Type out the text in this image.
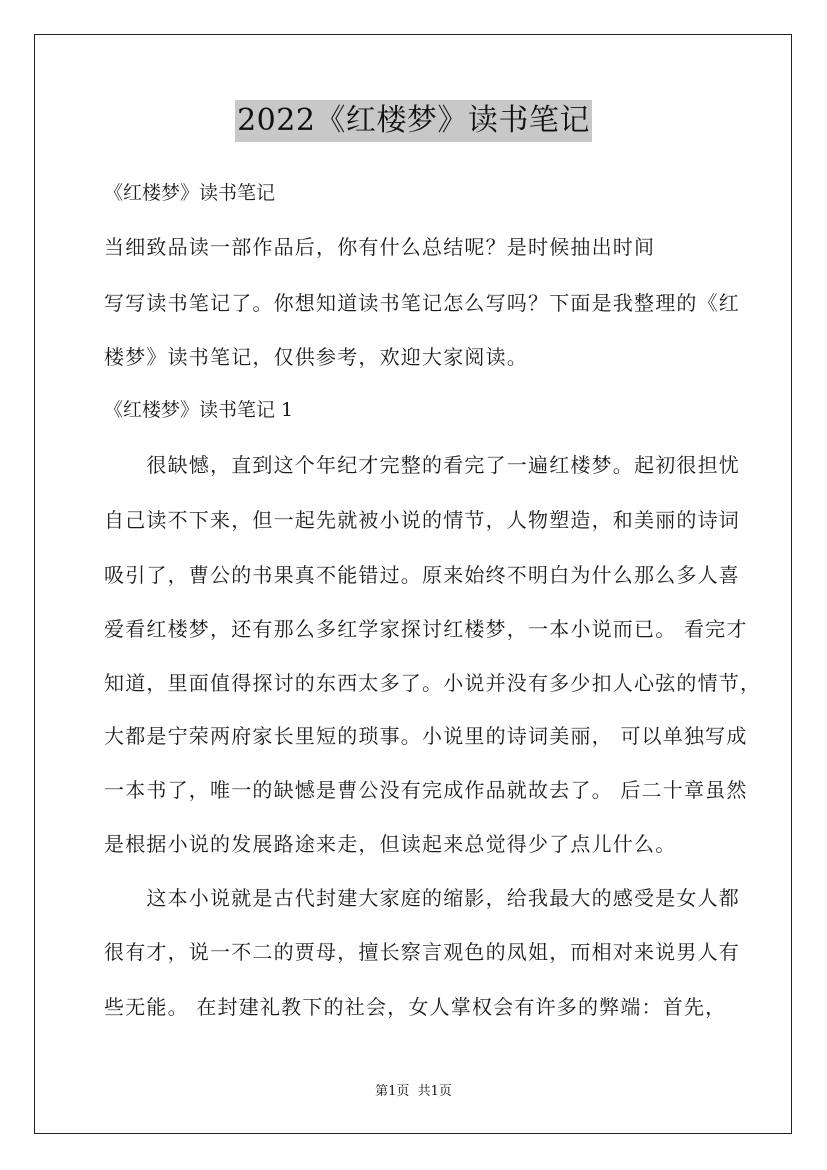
2022《红楼梦》读书笔记
《红楼梦》读书笔记
当细致品读一部作品后，你有什么总结呢？是时候抽出时间
写写读书笔记了。你想知道读书笔记怎么写吗？下面是我整理的《红
楼梦》读书笔记，仅供参考，欢迎大家阅读。
《红楼梦》读书笔记 1
　　很缺憾，直到这个年纪才完整的看完了一遍红楼梦。起初很担忧
自己读不下来，但一起先就被小说的情节，人物塑造，和美丽的诗词
吸引了，曹公的书果真不能错过。原来始终不明白为什么那么多人喜
爱看红楼梦，还有那么多红学家探讨红楼梦，一本小说而已。 看完才
知道，里面值得探讨的东西太多了。小说并没有多少扣人心弦的情节，
大都是宁荣两府家长里短的琐事。小说里的诗词美丽， 可以单独写成
一本书了，唯一的缺憾是曹公没有完成作品就故去了。 后二十章虽然
是根据小说的发展路途来走，但读起来总觉得少了点儿什么。
　　这本小说就是古代封建大家庭的缩影，给我最大的感受是女人都
很有才，说一不二的贾母，擅长察言观色的凤姐，而相对来说男人有
些无能。 在封建礼教下的社会，女人掌权会有许多的弊端：首先，
第1页 共1页
